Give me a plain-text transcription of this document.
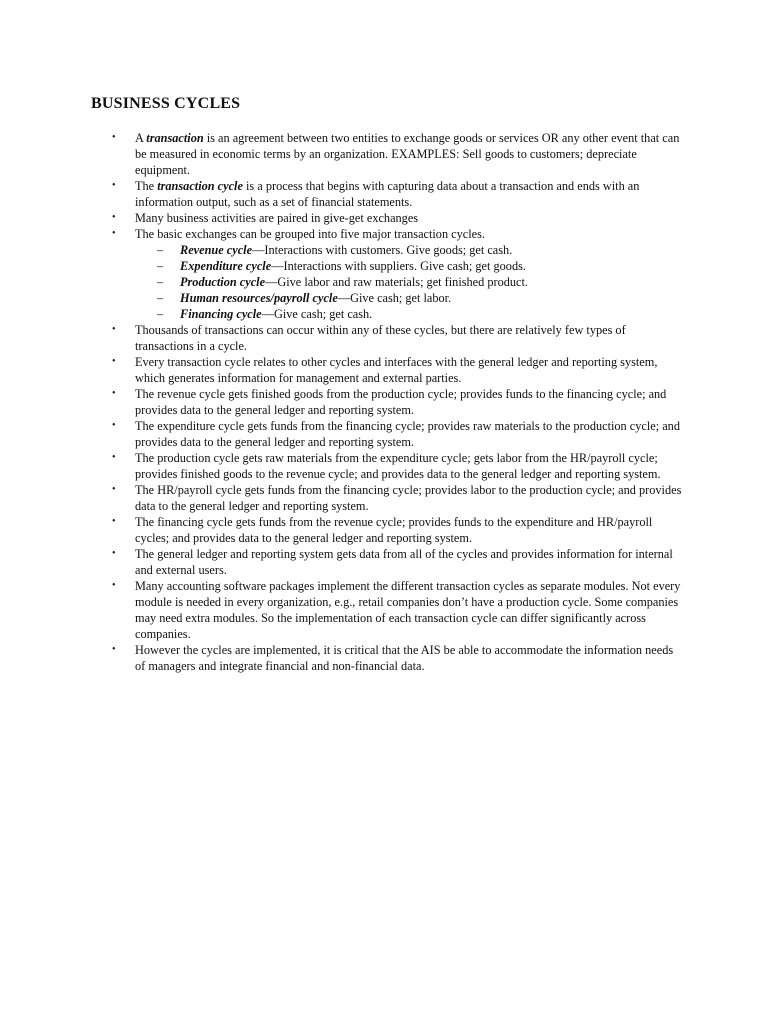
BUSINESS CYCLES
•	A transaction is an agreement between two entities to exchange goods or services OR any other event that can be measured in economic terms by an organization. EXAMPLES: Sell goods to customers; depreciate equipment.
•	The transaction cycle is a process that begins with capturing data about a transaction and ends with an information output, such as a set of financial statements.
•	Many business activities are paired in give-get exchanges
•	The basic exchanges can be grouped into five major transaction cycles.
– Revenue cycle—Interactions with customers. Give goods; get cash.
– Expenditure cycle—Interactions with suppliers. Give cash; get goods.
– Production cycle—Give labor and raw materials; get finished product.
– Human resources/payroll cycle—Give cash; get labor.
– Financing cycle—Give cash; get cash.
•	Thousands of transactions can occur within any of these cycles, but there are relatively few types of transactions in a cycle.
•	Every transaction cycle relates to other cycles and interfaces with the general ledger and reporting system, which generates information for management and external parties.
•	The revenue cycle gets finished goods from the production cycle; provides funds to the financing cycle; and provides data to the general ledger and reporting system.
•	The expenditure cycle gets funds from the financing cycle; provides raw materials to the production cycle; and provides data to the general ledger and reporting system.
•	The production cycle gets raw materials from the expenditure cycle; gets labor from the HR/payroll cycle; provides finished goods to the revenue cycle; and provides data to the general ledger and reporting system.
•	The HR/payroll cycle gets funds from the financing cycle; provides labor to the production cycle; and provides data to the general ledger and reporting system.
•	The financing cycle gets funds from the revenue cycle; provides funds to the expenditure and HR/payroll cycles; and provides data to the general ledger and reporting system.
•	The general ledger and reporting system gets data from all of the cycles and provides information for internal and external users.
•	Many accounting software packages implement the different transaction cycles as separate modules. Not every module is needed in every organization, e.g., retail companies don’t have a production cycle. Some companies may need extra modules. So the implementation of each transaction cycle can differ significantly across companies.
•	However the cycles are implemented, it is critical that the AIS be able to accommodate the information needs of managers and integrate financial and non-financial data.
